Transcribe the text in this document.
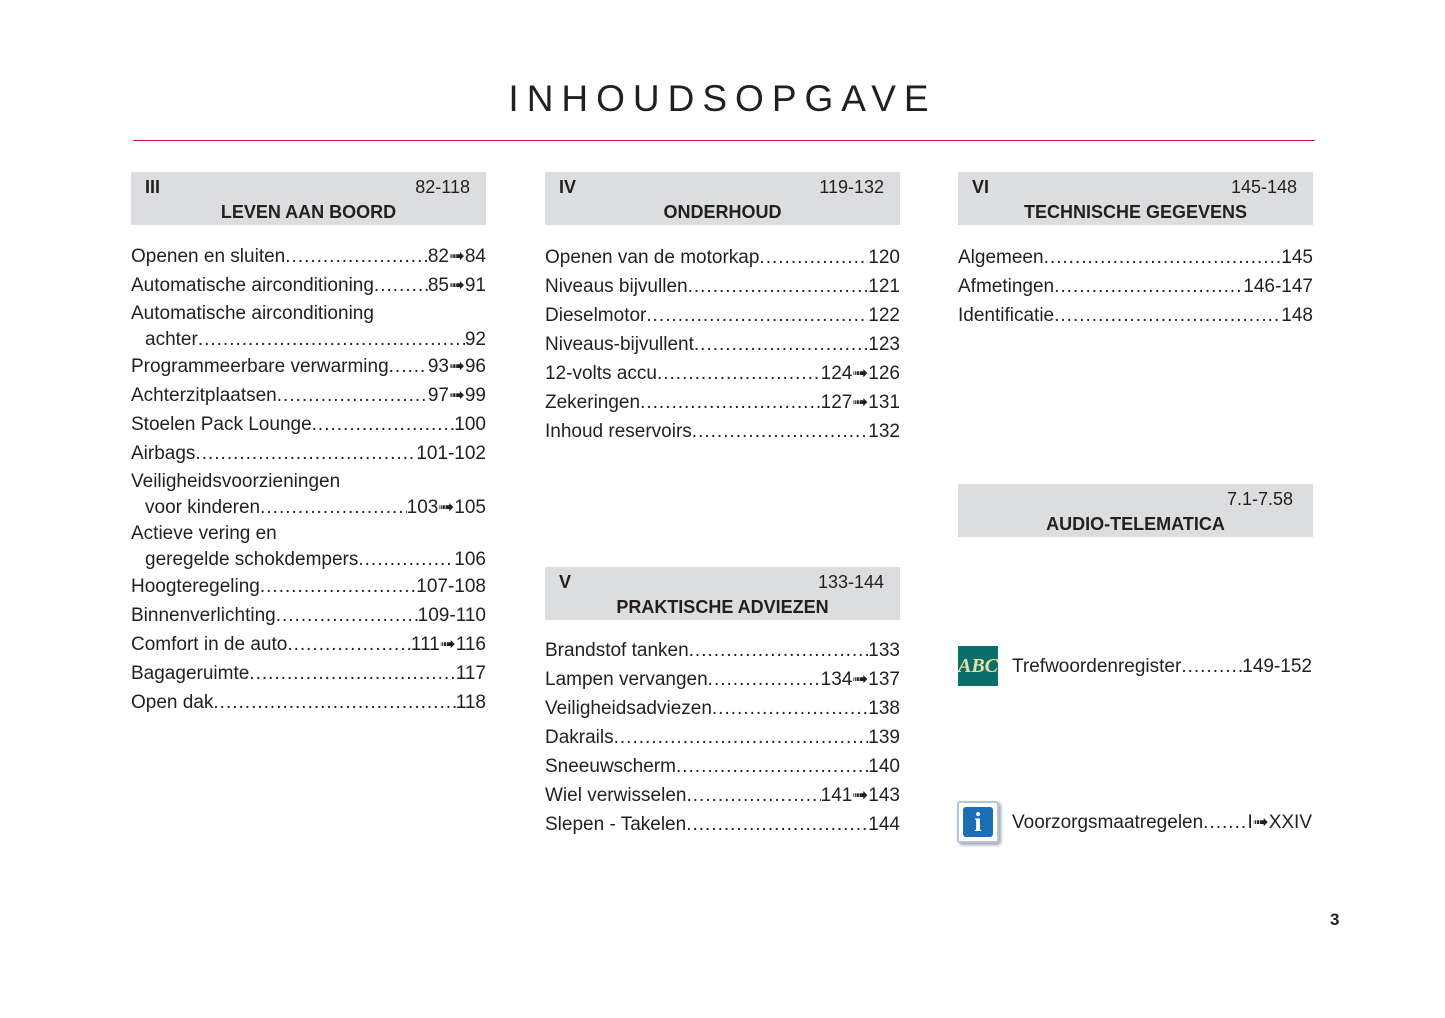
INHOUDSOPGAVE
III	82-118
LEVEN AAN BOORD
Openen en sluiten .....	82➟84
Automatische airconditioning .....	85➟91
Automatische airconditioning
achter .....	92
Programmeerbare verwarming ..... 93➟96
Achterzitplaatsen .....	97➟99
Stoelen Pack Lounge .....	100
Airbags .....	101-102
Veiligheidsvoorzieningen
voor kinderen .....	103➟105
Actieve vering en
geregelde schokdempers .....	106
Hoogteregeling .....	107-108
Binnenverlichting .....	109-110
Comfort in de auto .....	111➟116
Bagageruimte .....	117
Open dak .....	118
IV	119-132
ONDERHOUD
Openen van de motorkap .....	120
Niveaus bijvullen .....	121
Dieselmotor .....	122
Niveaus-bijvullent .....	123
12-volts accu .....	124➟126
Zekeringen .....	127➟131
Inhoud reservoirs .....	132
V	133-144
PRAKTISCHE ADVIEZEN
Brandstof tanken .....	133
Lampen vervangen .....	134➟137
Veiligheidsadviezen .....	138
Dakrails .....	139
Sneeuwscherm .....	140
Wiel verwisselen .....	141➟143
Slepen - Takelen .....	144
VI	145-148
TECHNISCHE GEGEVENS
Algemeen .....	145
Afmetingen .....	146-147
Identificatie .....	148
7.1-7.58
AUDIO-TELEMATICA
ABC Trefwoordenregister .....	149-152
i	Voorzorgsmaatregelen ..... I➟XXIV
3
